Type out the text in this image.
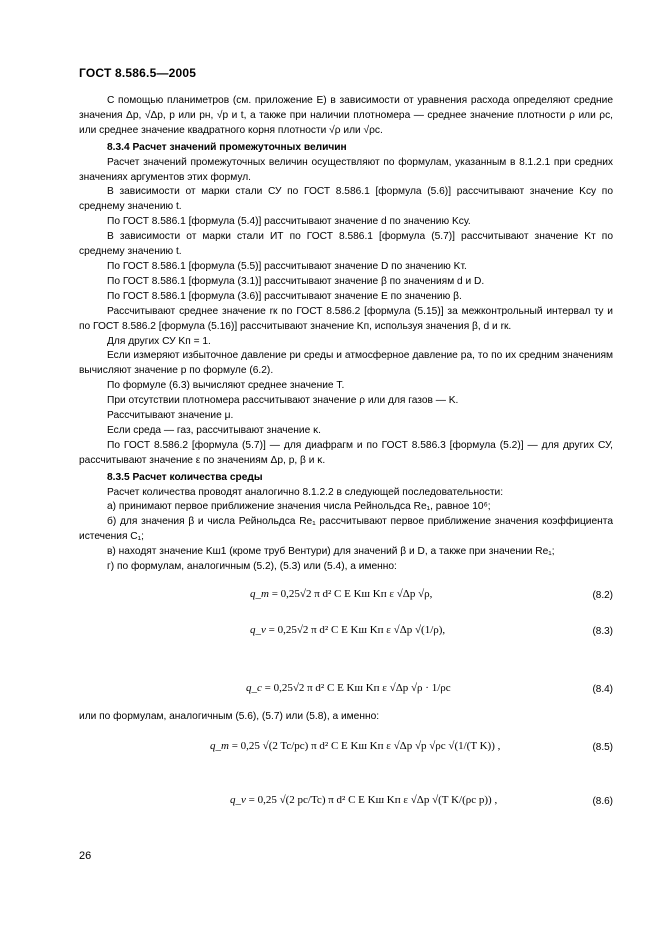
ГОСТ 8.586.5—2005

С помощью планиметров (см. приложение Е) в зависимости от уравнения расхода определяют средние значения Δp, √Δp, p или pн, √p и t, а также при наличии плотномера — среднее значение плотности ρ или ρс, или среднее значение квадратного корня плотности √ρ или √ρс.

8.3.4 Расчет значений промежуточных величин

Расчет значений промежуточных величин осуществляют по формулам, указанным в 8.1.2.1 при средних значениях аргументов этих формул.

В зависимости от марки стали СУ по ГОСТ 8.586.1 [формула (5.6)] рассчитывают значение Kсу по среднему значению t.

По ГОСТ 8.586.1 [формула (5.4)] рассчитывают значение d по значению Kсу.

В зависимости от марки стали ИТ по ГОСТ 8.586.1 [формула (5.7)] рассчитывают значение Kт по среднему значению t.

По ГОСТ 8.586.1 [формула (5.5)] рассчитывают значение D по значению Kт.

По ГОСТ 8.586.1 [формула (3.1)] рассчитывают значение β по значениям d и D.

По ГОСТ 8.586.1 [формула (3.6)] рассчитывают значение E по значению β.

Рассчитывают среднее значение rк по ГОСТ 8.586.2 [формула (5.15)] за межконтрольный интервал τу и по ГОСТ 8.586.2 [формула (5.16)] рассчитывают значение Kп, используя значения β, d и rк.

Для других СУ Kп = 1.

Если измеряют избыточное давление pи среды и атмосферное давление pа, то по их средним значениям вычисляют значение p по формуле (6.2).

По формуле (6.3) вычисляют среднее значение T.

При отсутствии плотномера рассчитывают значение ρ или для газов — K.

Рассчитывают значение μ.

Если среда — газ, рассчитывают значение κ.

По ГОСТ 8.586.2 [формула (5.7)] — для диафрагм и по ГОСТ 8.586.3 [формула (5.2)] — для других СУ, рассчитывают значение ε по значениям Δp, p, β и κ.

8.3.5 Расчет количества среды

Расчет количества проводят аналогично 8.1.2.2 в следующей последовательности:

а) принимают первое приближение значения числа Рейнольдса Re₁, равное 10⁶;

б) для значения β и числа Рейнольдса Re₁ рассчитывают первое приближение значения коэффициента истечения C₁;

в) находят значение Kш1 (кроме труб Вентури) для значений β и D, а также при значении Re₁;

г) по формулам, аналогичным (5.2), (5.3) или (5.4), а именно:

q_m = 0,25√2 π d² C E Kш Kп ε √Δp √ρ,	(8.2)
q_v = 0,25√2 π d² C E Kш Kп ε √Δp √(1/ρ),	(8.3)
q_c = 0,25√2 π d² C E Kш Kп ε √Δp √ρ · 1/ρc	(8.4)

или по формулам, аналогичным (5.6), (5.7) или (5.8), а именно:

q_m = 0,25 √(2 Tc/pc) π d² C E Kш Kп ε √Δp √p √ρc √(1/(T K)) ,	(8.5)
q_v = 0,25 √(2 pc/Tc) π d² C E Kш Kп ε √Δp √(T K/(ρc p)) ,	(8.6)
26
